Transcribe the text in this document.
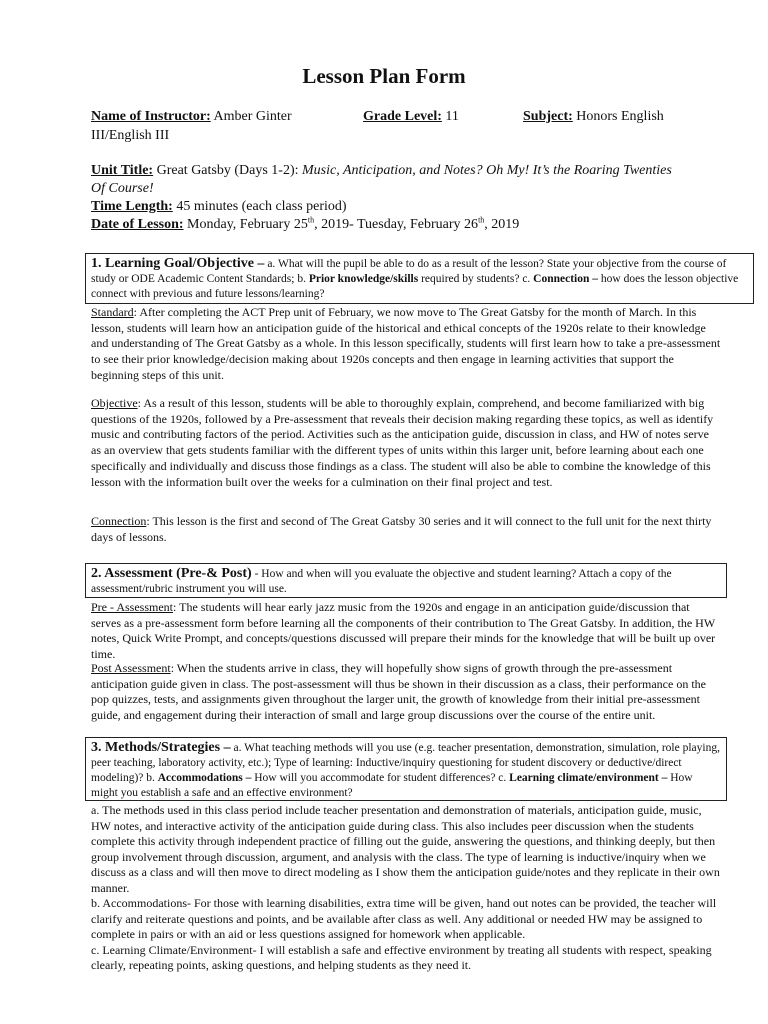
Lesson Plan Form
Name of Instructor: Amber Ginter	Grade Level: 11	Subject: Honors English
III/English III
Unit Title: Great Gatsby (Days 1-2): Music, Anticipation, and Notes? Oh My! It’s the Roaring Twenties
Of Course!
Time Length: 45 minutes (each class period)
Date of Lesson: Monday, February 25th, 2019- Tuesday, February 26th, 2019
1. Learning Goal/Objective – a. What will the pupil be able to do as a result of the lesson? State your objective from the course of study or ODE Academic Content Standards; b. Prior knowledge/skills required by students? c. Connection – how does the lesson objective connect with previous and future lessons/learning?

Standard: After completing the ACT Prep unit of February, we now move to The Great Gatsby for the month of March. In this lesson, students will learn how an anticipation guide of the historical and ethical concepts of the 1920s relate to their knowledge and understanding of The Great Gatsby as a whole. In this lesson specifically, students will first learn how to take a pre-assessment to see their prior knowledge/decision making about 1920s concepts and then engage in learning activities that support the beginning steps of this unit.

Objective: As a result of this lesson, students will be able to thoroughly explain, comprehend, and become familiarized with big questions of the 1920s, followed by a Pre-assessment that reveals their decision making regarding these topics, as well as identify music and contributing factors of the period. Activities such as the anticipation guide, discussion in class, and HW of notes serve as an overview that gets students familiar with the different types of units within this larger unit, before learning about each one specifically and individually and discuss those findings as a class. The student will also be able to combine the knowledge of this lesson with the information built over the weeks for a culmination on their final project and test.

Connection: This lesson is the first and second of The Great Gatsby 30 series and it will connect to the full unit for the next thirty days of lessons.

2. Assessment (Pre-& Post) - How and when will you evaluate the objective and student learning? Attach a copy of the assessment/rubric instrument you will use.

Pre - Assessment: The students will hear early jazz music from the 1920s and engage in an anticipation guide/discussion that serves as a pre-assessment form before learning all the components of their contribution to The Great Gatsby. In addition, the HW notes, Quick Write Prompt, and concepts/questions discussed will prepare their minds for the knowledge that will be built up over time.

Post Assessment: When the students arrive in class, they will hopefully show signs of growth through the pre-assessment anticipation guide given in class. The post-assessment will thus be shown in their discussion as a class, their performance on the pop quizzes, tests, and assignments given throughout the larger unit, the growth of knowledge from their initial pre-assessment guide, and engagement during their interaction of small and large group discussions over the course of the entire unit.

3. Methods/Strategies – a. What teaching methods will you use (e.g. teacher presentation, demonstration, simulation, role playing, peer teaching, laboratory activity, etc.); Type of learning: Inductive/inquiry questioning for student discovery or deductive/direct modeling)? b. Accommodations – How will you accommodate for student differences? c. Learning climate/environment – How might you establish a safe and an effective environment?

a. The methods used in this class period include teacher presentation and demonstration of materials, anticipation guide, music, HW notes, and interactive activity of the anticipation guide during class. This also includes peer discussion when the students complete this activity through independent practice of filling out the guide, answering the questions, and thinking deeply, but then group involvement through discussion, argument, and analysis with the class. The type of learning is inductive/inquiry when we discuss as a class and will then move to direct modeling as I show them the anticipation guide/notes and they replicate in their own manner.

b. Accommodations- For those with learning disabilities, extra time will be given, hand out notes can be provided, the teacher will clarify and reiterate questions and points, and be available after class as well. Any additional or needed HW may be assigned to complete in pairs or with an aid or less questions assigned for homework when applicable.

c. Learning Climate/Environment- I will establish a safe and effective environment by treating all students with respect, speaking clearly, repeating points, asking questions, and helping students as they need it.
